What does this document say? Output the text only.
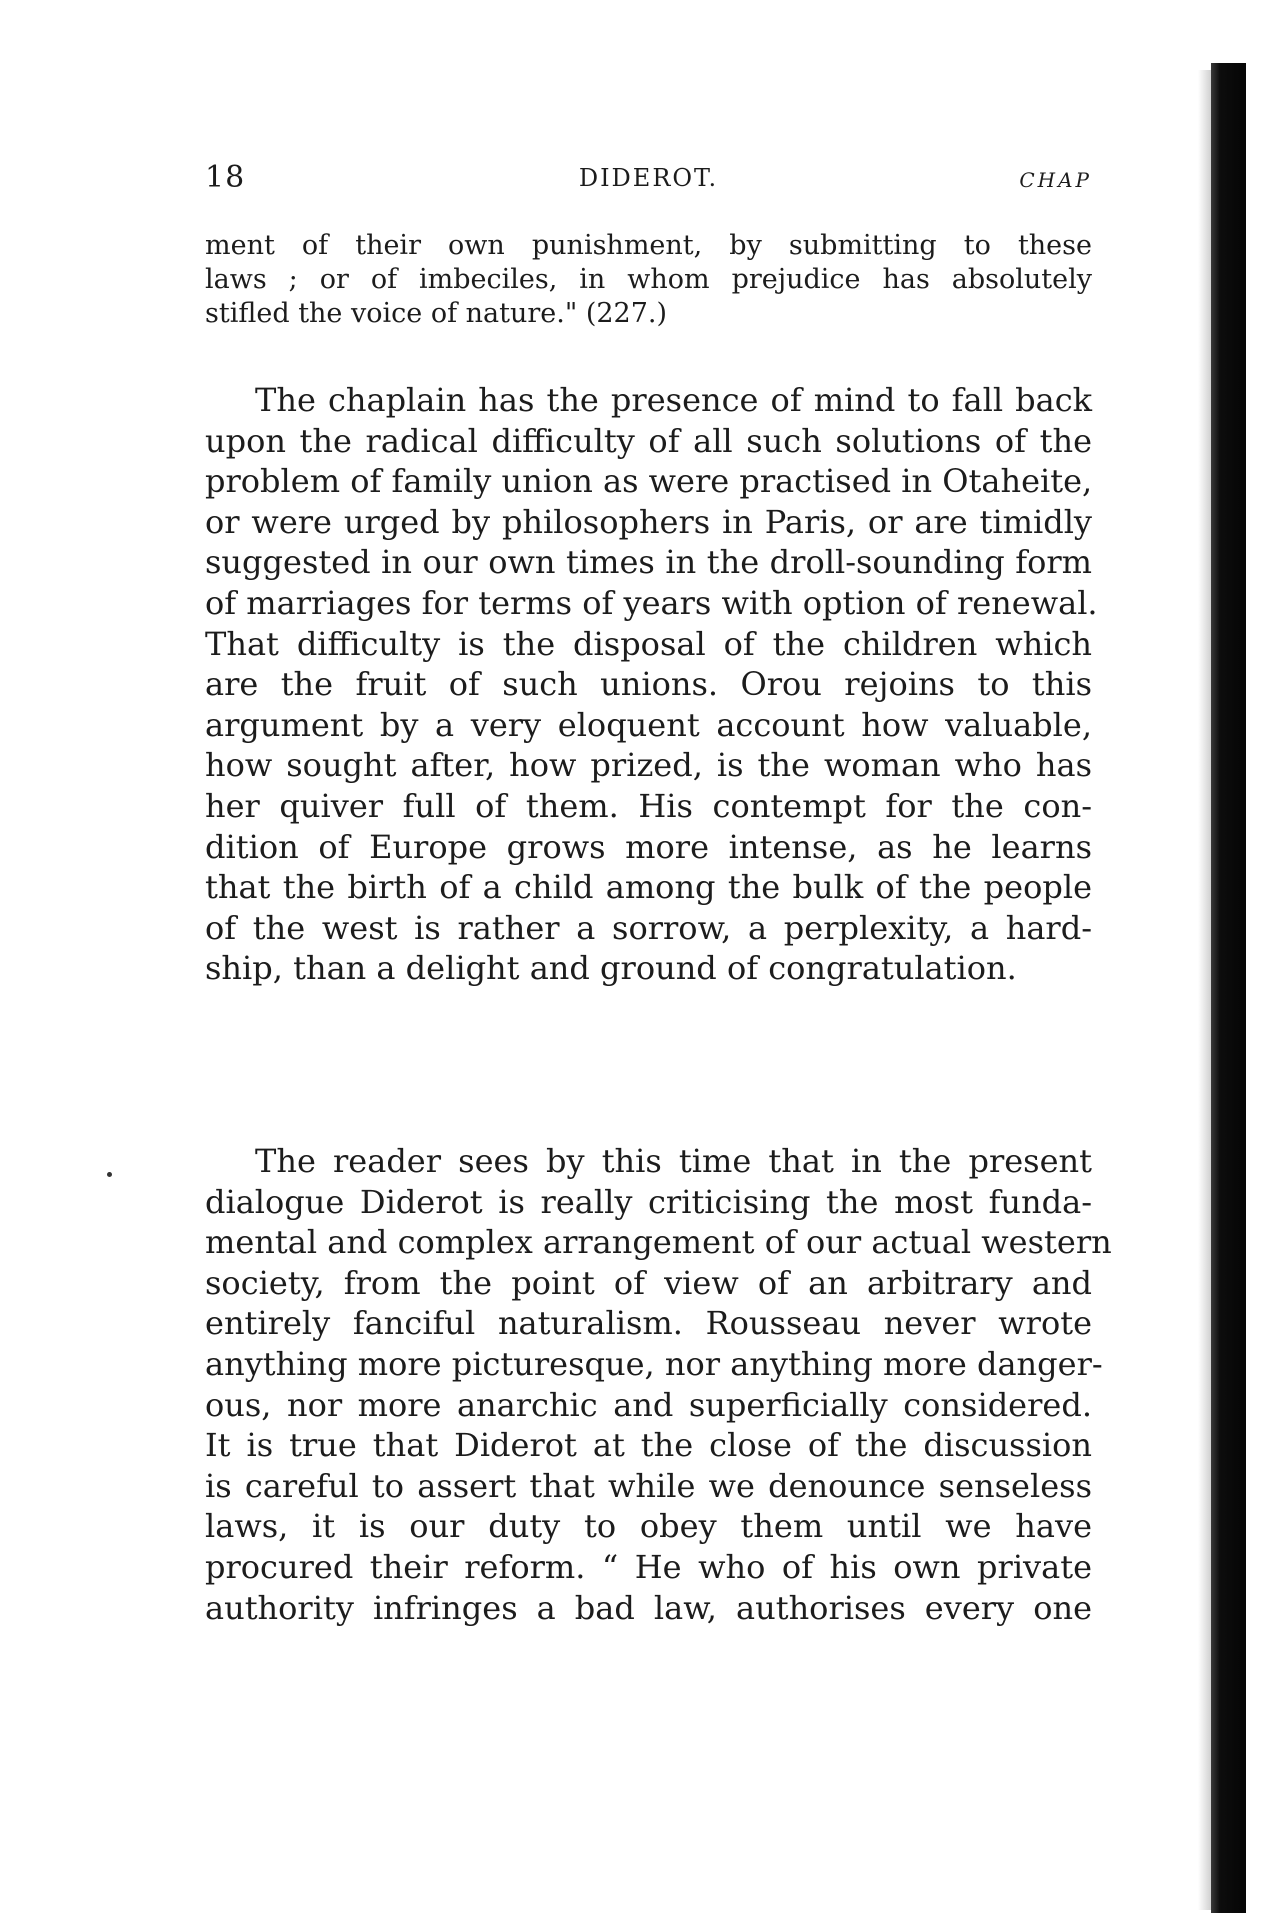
18	DIDEROT.	CHAP
ment of their own punishment, by submitting to these
laws ; or of imbeciles, in whom prejudice has absolutely
stifled the voice of nature." (227.)
The chaplain has the presence of mind to fall back
upon the radical difficulty of all such solutions of the
problem of family union as were practised in Otaheite,
or were urged by philosophers in Paris, or are timidly
suggested in our own times in the droll-sounding form
of marriages for terms of years with option of renewal.
That difficulty is the disposal of the children which
are the fruit of such unions. Orou rejoins to this
argument by a very eloquent account how valuable,
how sought after, how prized, is the woman who has
her quiver full of them. His contempt for the con-
dition of Europe grows more intense, as he learns
that the birth of a child among the bulk of the people
of the west is rather a sorrow, a perplexity, a hard-
ship, than a delight and ground of congratulation.
The reader sees by this time that in the present
dialogue Diderot is really criticising the most funda-
mental and complex arrangement of our actual western
society, from the point of view of an arbitrary and
entirely fanciful naturalism. Rousseau never wrote
anything more picturesque, nor anything more danger-
ous, nor more anarchic and superficially considered.
It is true that Diderot at the close of the discussion
is careful to assert that while we denounce senseless
laws, it is our duty to obey them until we have
procured their reform. “ He who of his own private
authority infringes a bad law, authorises every one
